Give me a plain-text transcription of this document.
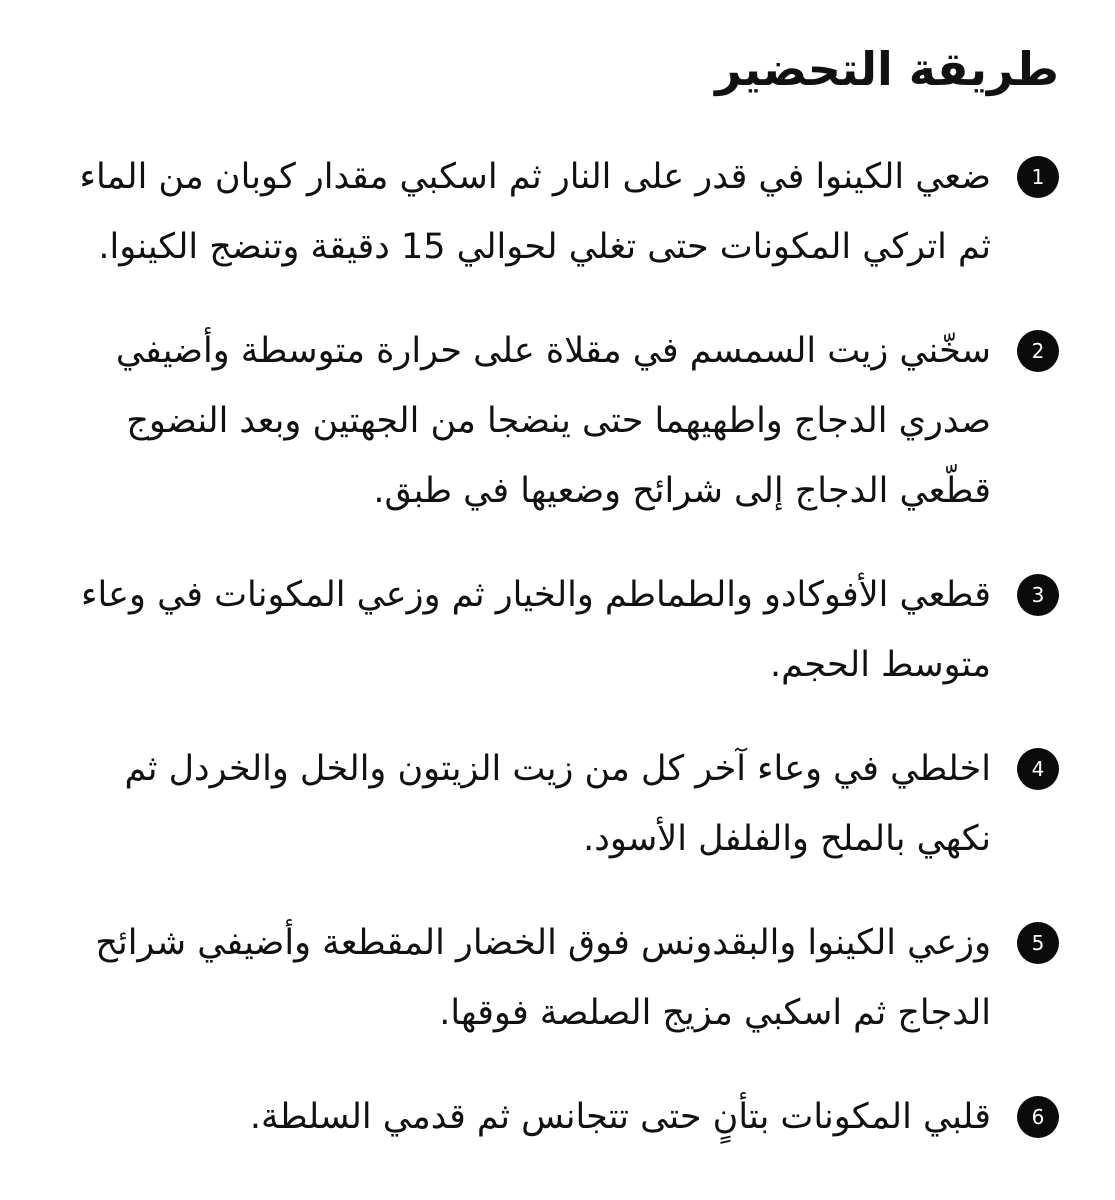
طريقة التحضير
1
ضعي الكينوا في قدر على النار ثم اسكبي مقدار كوبان من الماء ثم اتركي المكونات حتى تغلي لحوالي 15 دقيقة وتنضج الكينوا.
2
سخّني زيت السمسم في مقلاة على حرارة متوسطة وأضيفي صدري الدجاج واطهيهما حتى ينضجا من الجهتين وبعد النضوج قطّعي الدجاج إلى شرائح وضعيها في طبق.
3
قطعي الأفوكادو والطماطم والخيار ثم وزعي المكونات في وعاء متوسط الحجم.
4
اخلطي في وعاء آخر كل من زيت الزيتون والخل والخردل ثم نكهي بالملح والفلفل الأسود.
5
وزعي الكينوا والبقدونس فوق الخضار المقطعة وأضيفي شرائح الدجاج ثم اسكبي مزيج الصلصة فوقها.
6
قلبي المكونات بتأنٍ حتى تتجانس ثم قدمي السلطة.
